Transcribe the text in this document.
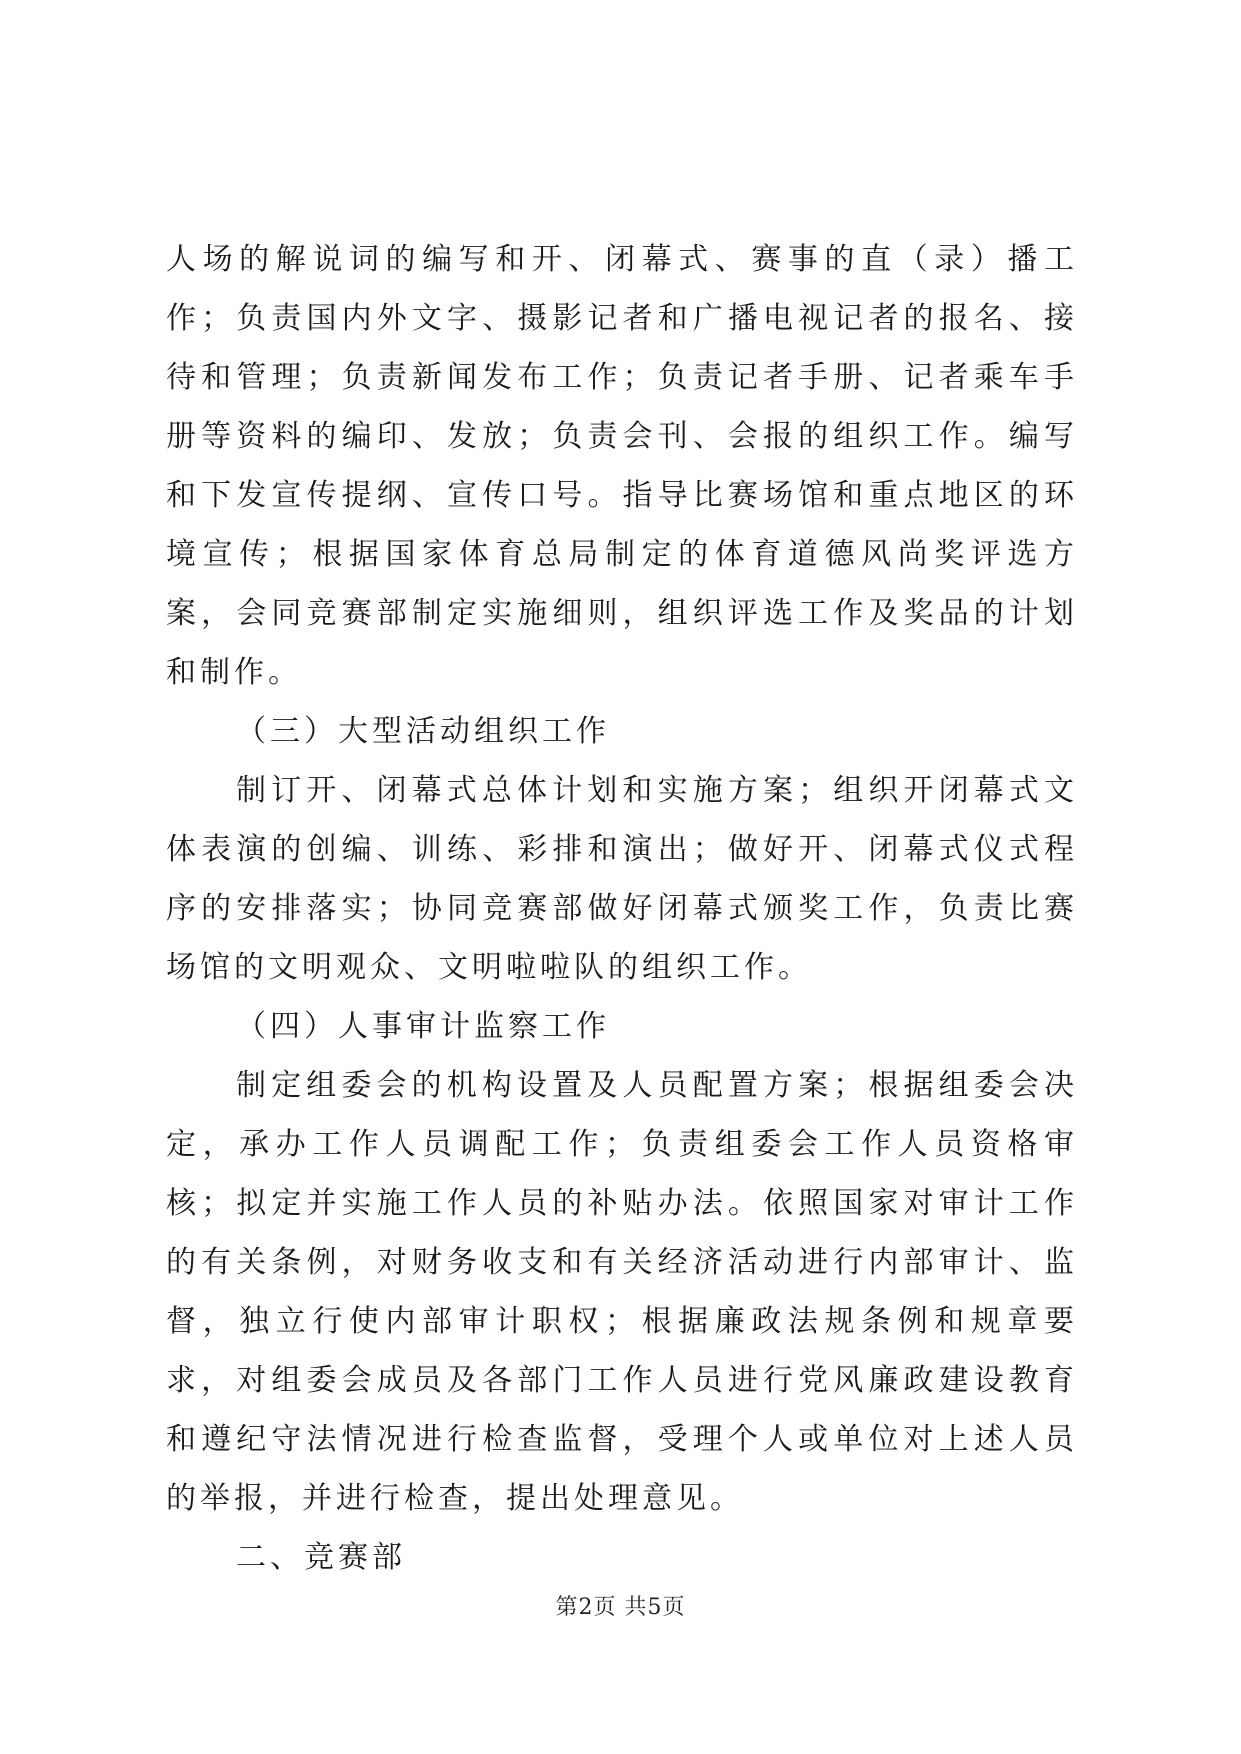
人场的解说词的编写和开、闭幕式、赛事的直（录）播工作；负责国内外文字、摄影记者和广播电视记者的报名、接待和管理；负责新闻发布工作；负责记者手册、记者乘车手册等资料的编印、发放；负责会刊、会报的组织工作。编写和下发宣传提纲、宣传口号。指导比赛场馆和重点地区的环境宣传；根据国家体育总局制定的体育道德风尚奖评选方案，会同竞赛部制定实施细则，组织评选工作及奖品的计划和制作。

（三）大型活动组织工作

制订开、闭幕式总体计划和实施方案；组织开闭幕式文体表演的创编、训练、彩排和演出；做好开、闭幕式仪式程序的安排落实；协同竞赛部做好闭幕式颁奖工作，负责比赛场馆的文明观众、文明啦啦队的组织工作。

（四）人事审计监察工作

制定组委会的机构设置及人员配置方案；根据组委会决定，承办工作人员调配工作；负责组委会工作人员资格审核；拟定并实施工作人员的补贴办法。依照国家对审计工作的有关条例，对财务收支和有关经济活动进行内部审计、监督，独立行使内部审计职权；根据廉政法规条例和规章要求，对组委会成员及各部门工作人员进行党风廉政建设教育和遵纪守法情况进行检查监督，受理个人或单位对上述人员的举报，并进行检查，提出处理意见。

二、竞赛部

第2页 共5页
